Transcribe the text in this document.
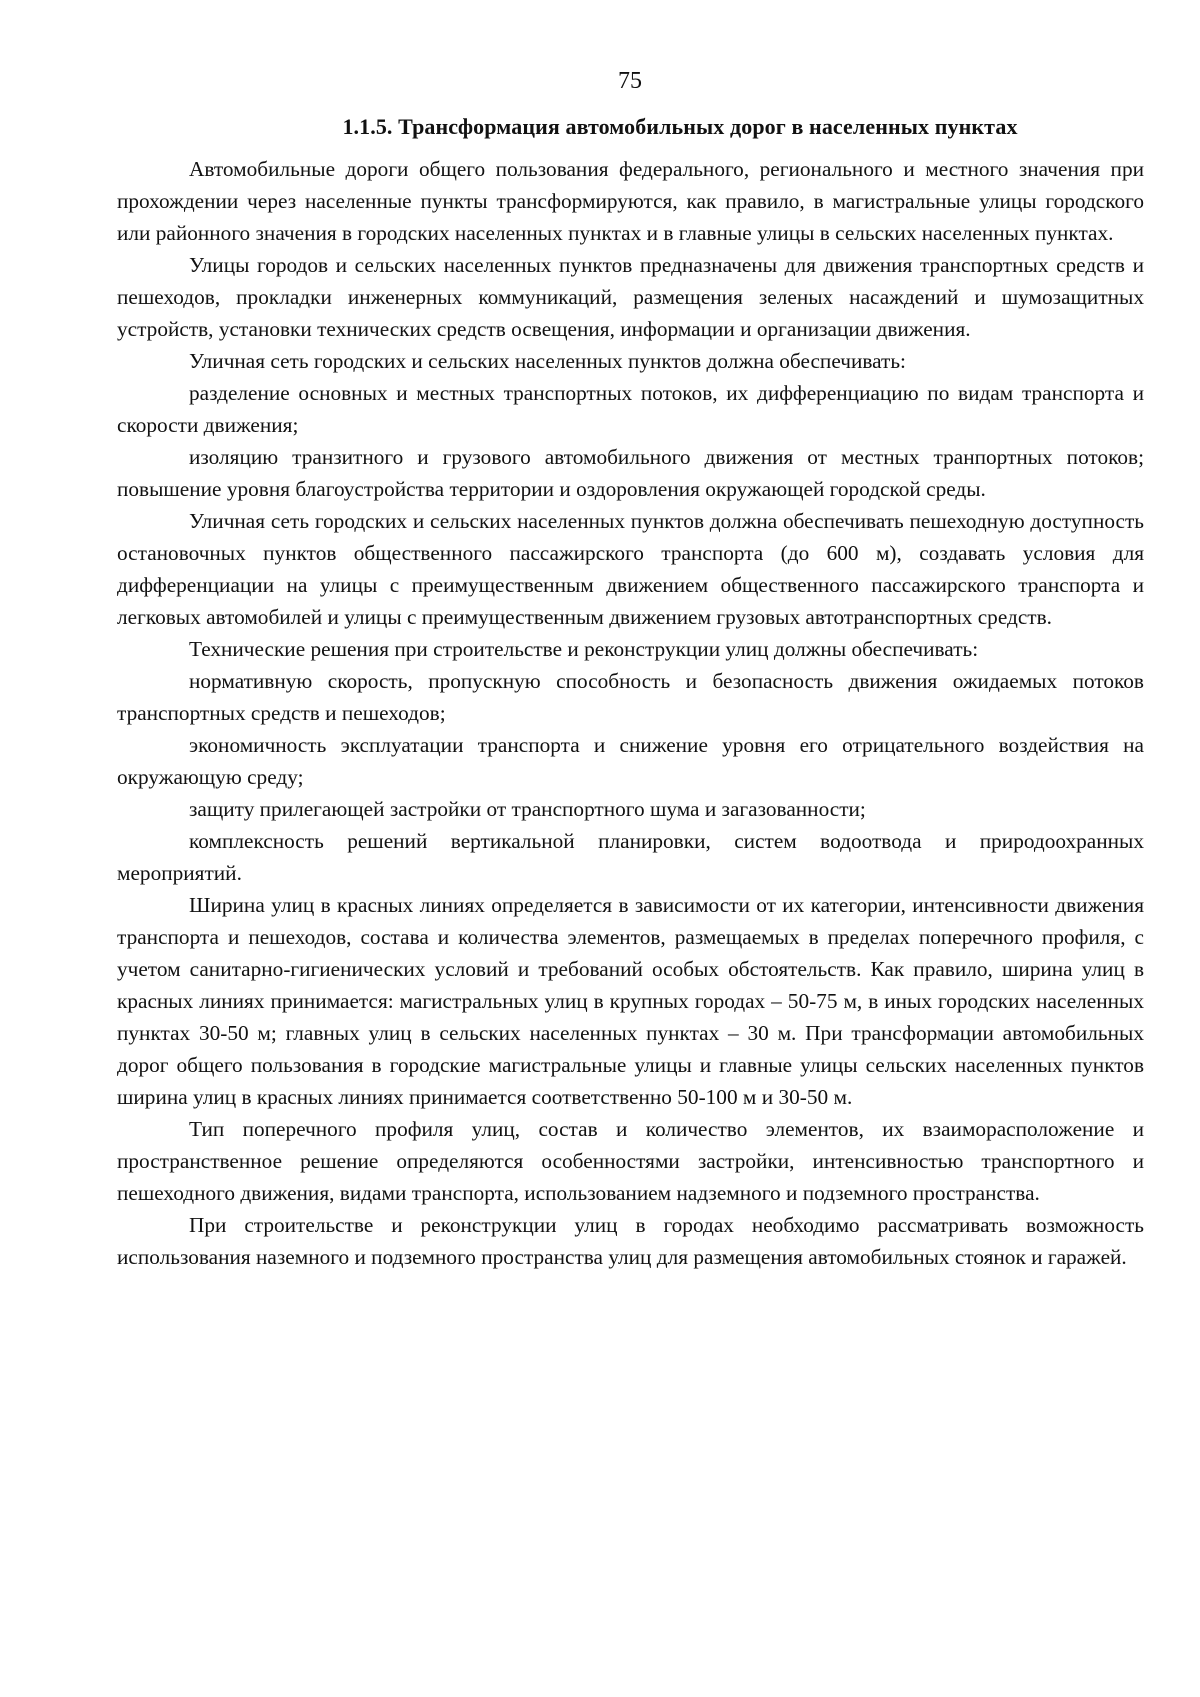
75
1.1.5. Трансформация автомобильных дорог в населенных пунктах

Автомобильные дороги общего пользования федерального, регионального и местного значения при прохождении через населенные пункты трансформируются, как правило, в магистральные улицы городского или районного значения в городских населенных пунктах и в главные улицы в сельских населенных пунктах.

Улицы городов и сельских населенных пунктов предназначены для движения транспортных средств и пешеходов, прокладки инженерных коммуникаций, размещения зеленых насаждений и шумозащитных устройств, установки технических средств освещения, информации и организации движения.

Уличная сеть городских и сельских населенных пунктов должна обеспечивать:

разделение основных и местных транспортных потоков, их дифференциацию по видам транспорта и скорости движения;

изоляцию транзитного и грузового автомобильного движения от местных транпортных потоков; повышение уровня благоустройства территории и оздоровления окружающей городской среды.

Уличная сеть городских и сельских населенных пунктов должна обеспечивать пешеходную доступность остановочных пунктов общественного пассажирского транспорта (до 600 м), создавать условия для дифференциации на улицы с преимущественным движением общественного пассажирского транспорта и легковых автомобилей и улицы с преимущественным движением грузовых автотранспортных средств.

Технические решения при строительстве и реконструкции улиц должны обеспечивать:

нормативную скорость, пропускную способность и безопасность движения ожидаемых потоков транспортных средств и пешеходов;

экономичность эксплуатации транспорта и снижение уровня его отрицательного воздействия на окружающую среду;

защиту прилегающей застройки от транспортного шума и загазованности;

комплексность решений вертикальной планировки, систем водоотвода и природоохранных мероприятий.

Ширина улиц в красных линиях определяется в зависимости от их категории, интенсивности движения транспорта и пешеходов, состава и количества элементов, размещаемых в пределах поперечного профиля, с учетом санитарно-гигиенических условий и требований особых обстоятельств. Как правило, ширина улиц в красных линиях принимается: магистральных улиц в крупных городах – 50-75 м, в иных городских населенных пунктах 30-50 м; главных улиц в сельских населенных пунктах – 30 м. При трансформации автомобильных дорог общего пользования в городские магистральные улицы и главные улицы сельских населенных пунктов ширина улиц в красных линиях принимается соответственно 50-100 м и 30-50 м.

Тип поперечного профиля улиц, состав и количество элементов, их взаиморасположение и пространственное решение определяются особенностями застройки, интенсивностью транспортного и пешеходного движения, видами транспорта, использованием надземного и подземного пространства.

При строительстве и реконструкции улиц в городах необходимо рассматривать возможность использования наземного и подземного пространства улиц для размещения автомобильных стоянок и гаражей.
